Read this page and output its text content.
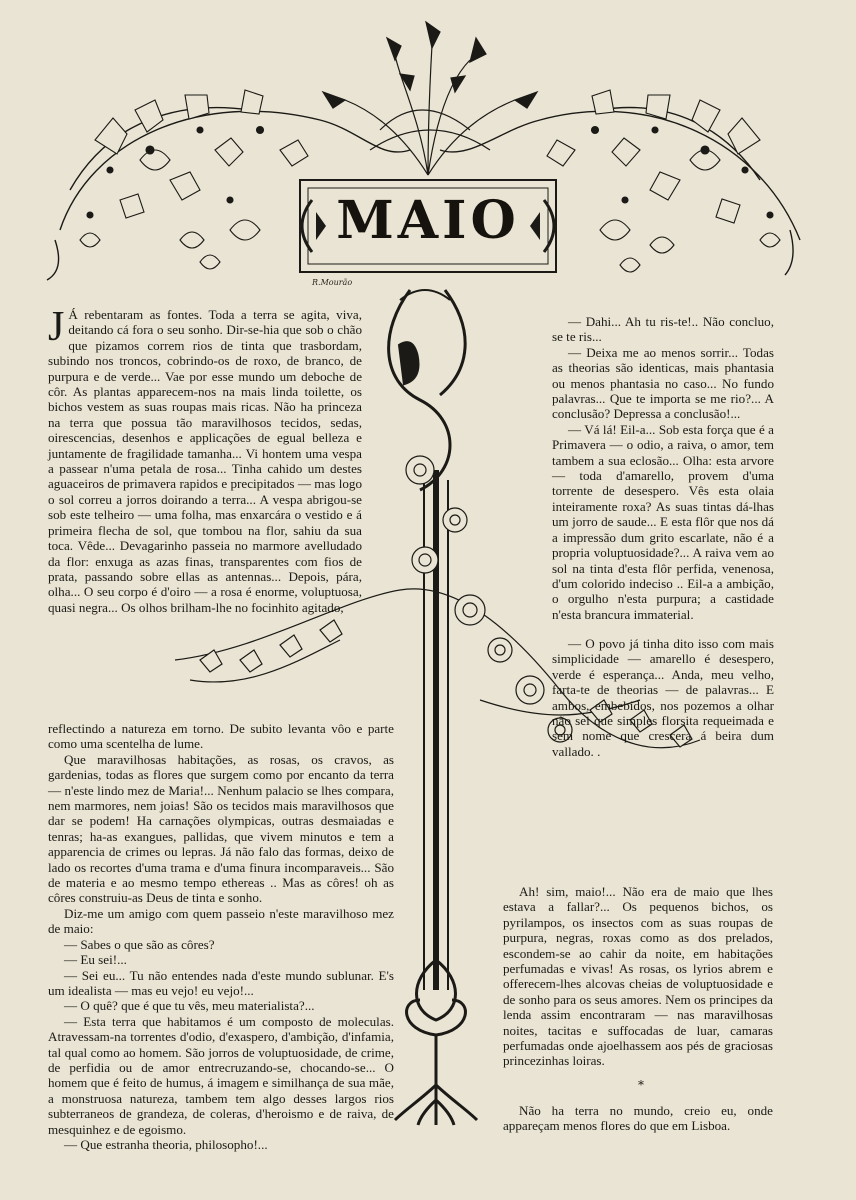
MAIO
R.Mourão

J Á rebentaram as fontes. Toda a terra se agita, viva, deitando cá fora o seu sonho. Dir-se-hia que sob o chão que pizamos correm rios de tinta que trasbordam, subindo nos troncos, cobrindo-os de roxo, de branco, de purpura e de verde... Vae por esse mundo um deboche de côr. As plantas apparecem-nos na mais linda toilette, os bichos vestem as suas roupas mais ricas. Não ha princeza na terra que possua tão maravilhosos tecidos, sedas, oirescencias, desenhos e applicações de egual belleza e juntamente de fragilidade tamanha... Vi hontem uma vespa a passear n'uma petala de rosa... Tinha cahido um destes aguaceiros de primavera rapidos e precipitados — mas logo o sol correu a jorros doirando a terra... A vespa abrigou-se sob este telheiro — uma folha, mas enxarcára o vestido e á primeira flecha de sol, que tombou na flor, sahiu da sua toca. Vêde... Devagarinho passeia no marmore avelludado da flor: enxuga as azas finas, transparentes com fios de prata, passando sobre ellas as antennas... Depois, pára, olha... O seu corpo é d'oiro — a rosa é enorme, voluptuosa, quasi negra... Os olhos brilham-lhe no focinhito agitado,

reflectindo a natureza em torno. De subito levanta vôo e parte como uma scentelha de lume.

Que maravilhosas habitações, as rosas, os cravos, as gardenias, todas as flores que surgem como por encanto da terra — n'este lindo mez de Maria!... Nenhum palacio se lhes compara, nem marmores, nem joias! São os tecidos mais maravilhosos que dar se podem! Ha carnações olympicas, outras desmaiadas e tenras; ha-as exangues, pallidas, que vivem minutos e tem a apparencia de crimes ou lepras. Já não falo das formas, deixo de lado os recortes d'uma trama e d'uma finura incomparaveis... São de materia e ao mesmo tempo ethereas .. Mas as côres! oh as côres construiu-as Deus de tinta e sonho.

Diz-me um amigo com quem passeio n'este maravilhoso mez de maio:

— Sabes o que são as côres?

— Eu sei!...

— Sei eu... Tu não entendes nada d'este mundo sublunar. E's um idealista — mas eu vejo! eu vejo!...

— O quê? que é que tu vês, meu materialista?...

— Esta terra que habitamos é um composto de moleculas. Atravessam-na torrentes d'odio, d'exaspero, d'ambição, d'infamia, tal qual como ao homem. São jorros de voluptuosidade, de crime, de perfidia ou de amor entrecruzando-se, chocando-se... O homem que é feito de humus, á imagem e similhança de sua mãe, a monstruosa natureza, tambem tem algo desses largos rios subterraneos de grandeza, de coleras, d'heroismo e de raiva, de mesquinhez e de egoismo.

— Que estranha theoria, philosopho!...

— Dahi... Ah tu ris-te!.. Não concluo, se te ris...

— Deixa me ao menos sorrir... Todas as theorias são identicas, mais phantasia ou menos phantasia no caso... No fundo palavras... Que te importa se me rio?... A conclusão? Depressa a conclusão!...

— Vá lá! Eil-a... Sob esta força que é a Primavera — o odio, a raiva, o amor, tem tambem a sua eclosão... Olha: esta arvore — toda d'amarello, provem d'uma torrente de desespero. Vês esta olaia inteiramente roxa? As suas tintas dá-lhas um jorro de saude... E esta flôr que nos dá a impressão dum grito escarlate, não é a propria voluptuosidade?... A raiva vem ao sol na tinta d'esta flôr perfida, venenosa, d'um colorido indeciso .. Eil-a a ambição, o orgulho n'esta purpura; a castidade n'esta brancura immaterial.

— O povo já tinha dito isso com mais simplicidade — amarello é desespero, verde é esperança... Anda, meu velho, farta-te de theorias — de palavras... E ambos, embebidos, nos pozemos a olhar não sei que simples florsita requeimada e sem nome que crescera á beira dum vallado. .

Ah! sim, maio!... Não era de maio que lhes estava a fallar?... Os pequenos bichos, os pyrilampos, os insectos com as suas roupas de purpura, negras, roxas como as dos prelados, escondem-se ao cahir da noite, em habitações perfumadas e vivas! As rosas, os lyrios abrem e offerecem-lhes alcovas cheias de voluptuosidade e de sonho para os seus amores. Nem os principes da lenda assim encontraram — nas maravilhosas noites, tacitas e suffocadas de luar, camaras perfumadas onde ajoelhassem aos pés de graciosas princezinhas loiras.

*

Não ha terra no mundo, creio eu, onde appareçam menos flores do que em Lisboa.
